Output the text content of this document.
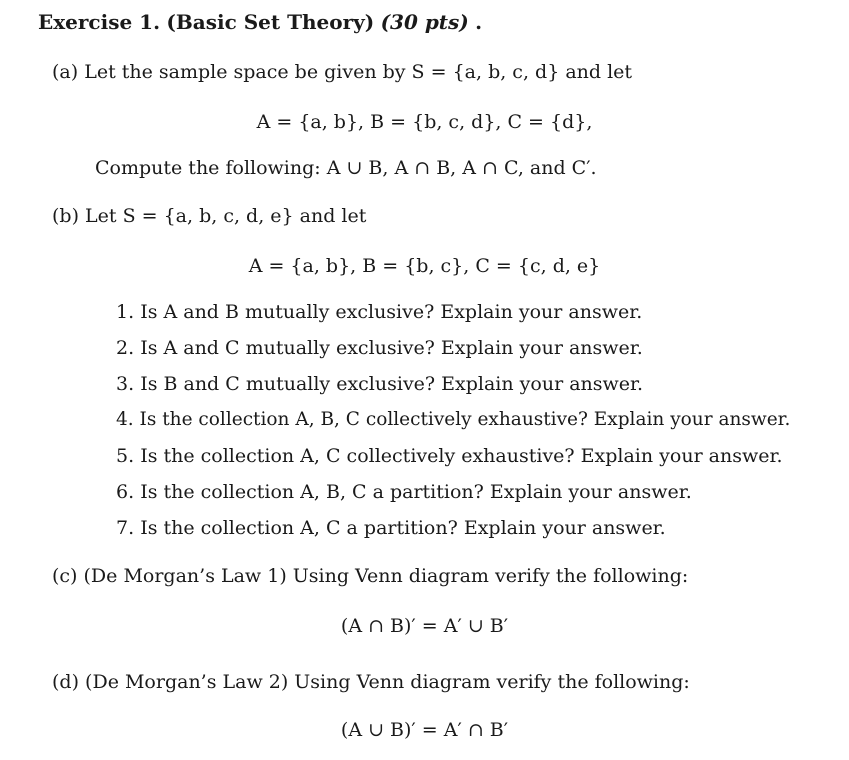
Exercise 1. (Basic Set Theory) (30 pts) .
(a) Let the sample space be given by S = {a, b, c, d} and let
A = {a, b}, B = {b, c, d}, C = {d},
Compute the following: A ∪ B, A ∩ B, A ∩ C, and C′.
(b) Let S = {a, b, c, d, e} and let
A = {a, b}, B = {b, c}, C = {c, d, e}
1. Is A and B mutually exclusive? Explain your answer.
2. Is A and C mutually exclusive? Explain your answer.
3. Is B and C mutually exclusive? Explain your answer.
4. Is the collection A, B, C collectively exhaustive? Explain your answer.
5. Is the collection A, C collectively exhaustive? Explain your answer.
6. Is the collection A, B, C a partition? Explain your answer.
7. Is the collection A, C a partition? Explain your answer.
(c) (De Morgan’s Law 1) Using Venn diagram verify the following:
(A ∩ B)′ = A′ ∪ B′
(d) (De Morgan’s Law 2) Using Venn diagram verify the following:
(A ∪ B)′ = A′ ∩ B′
